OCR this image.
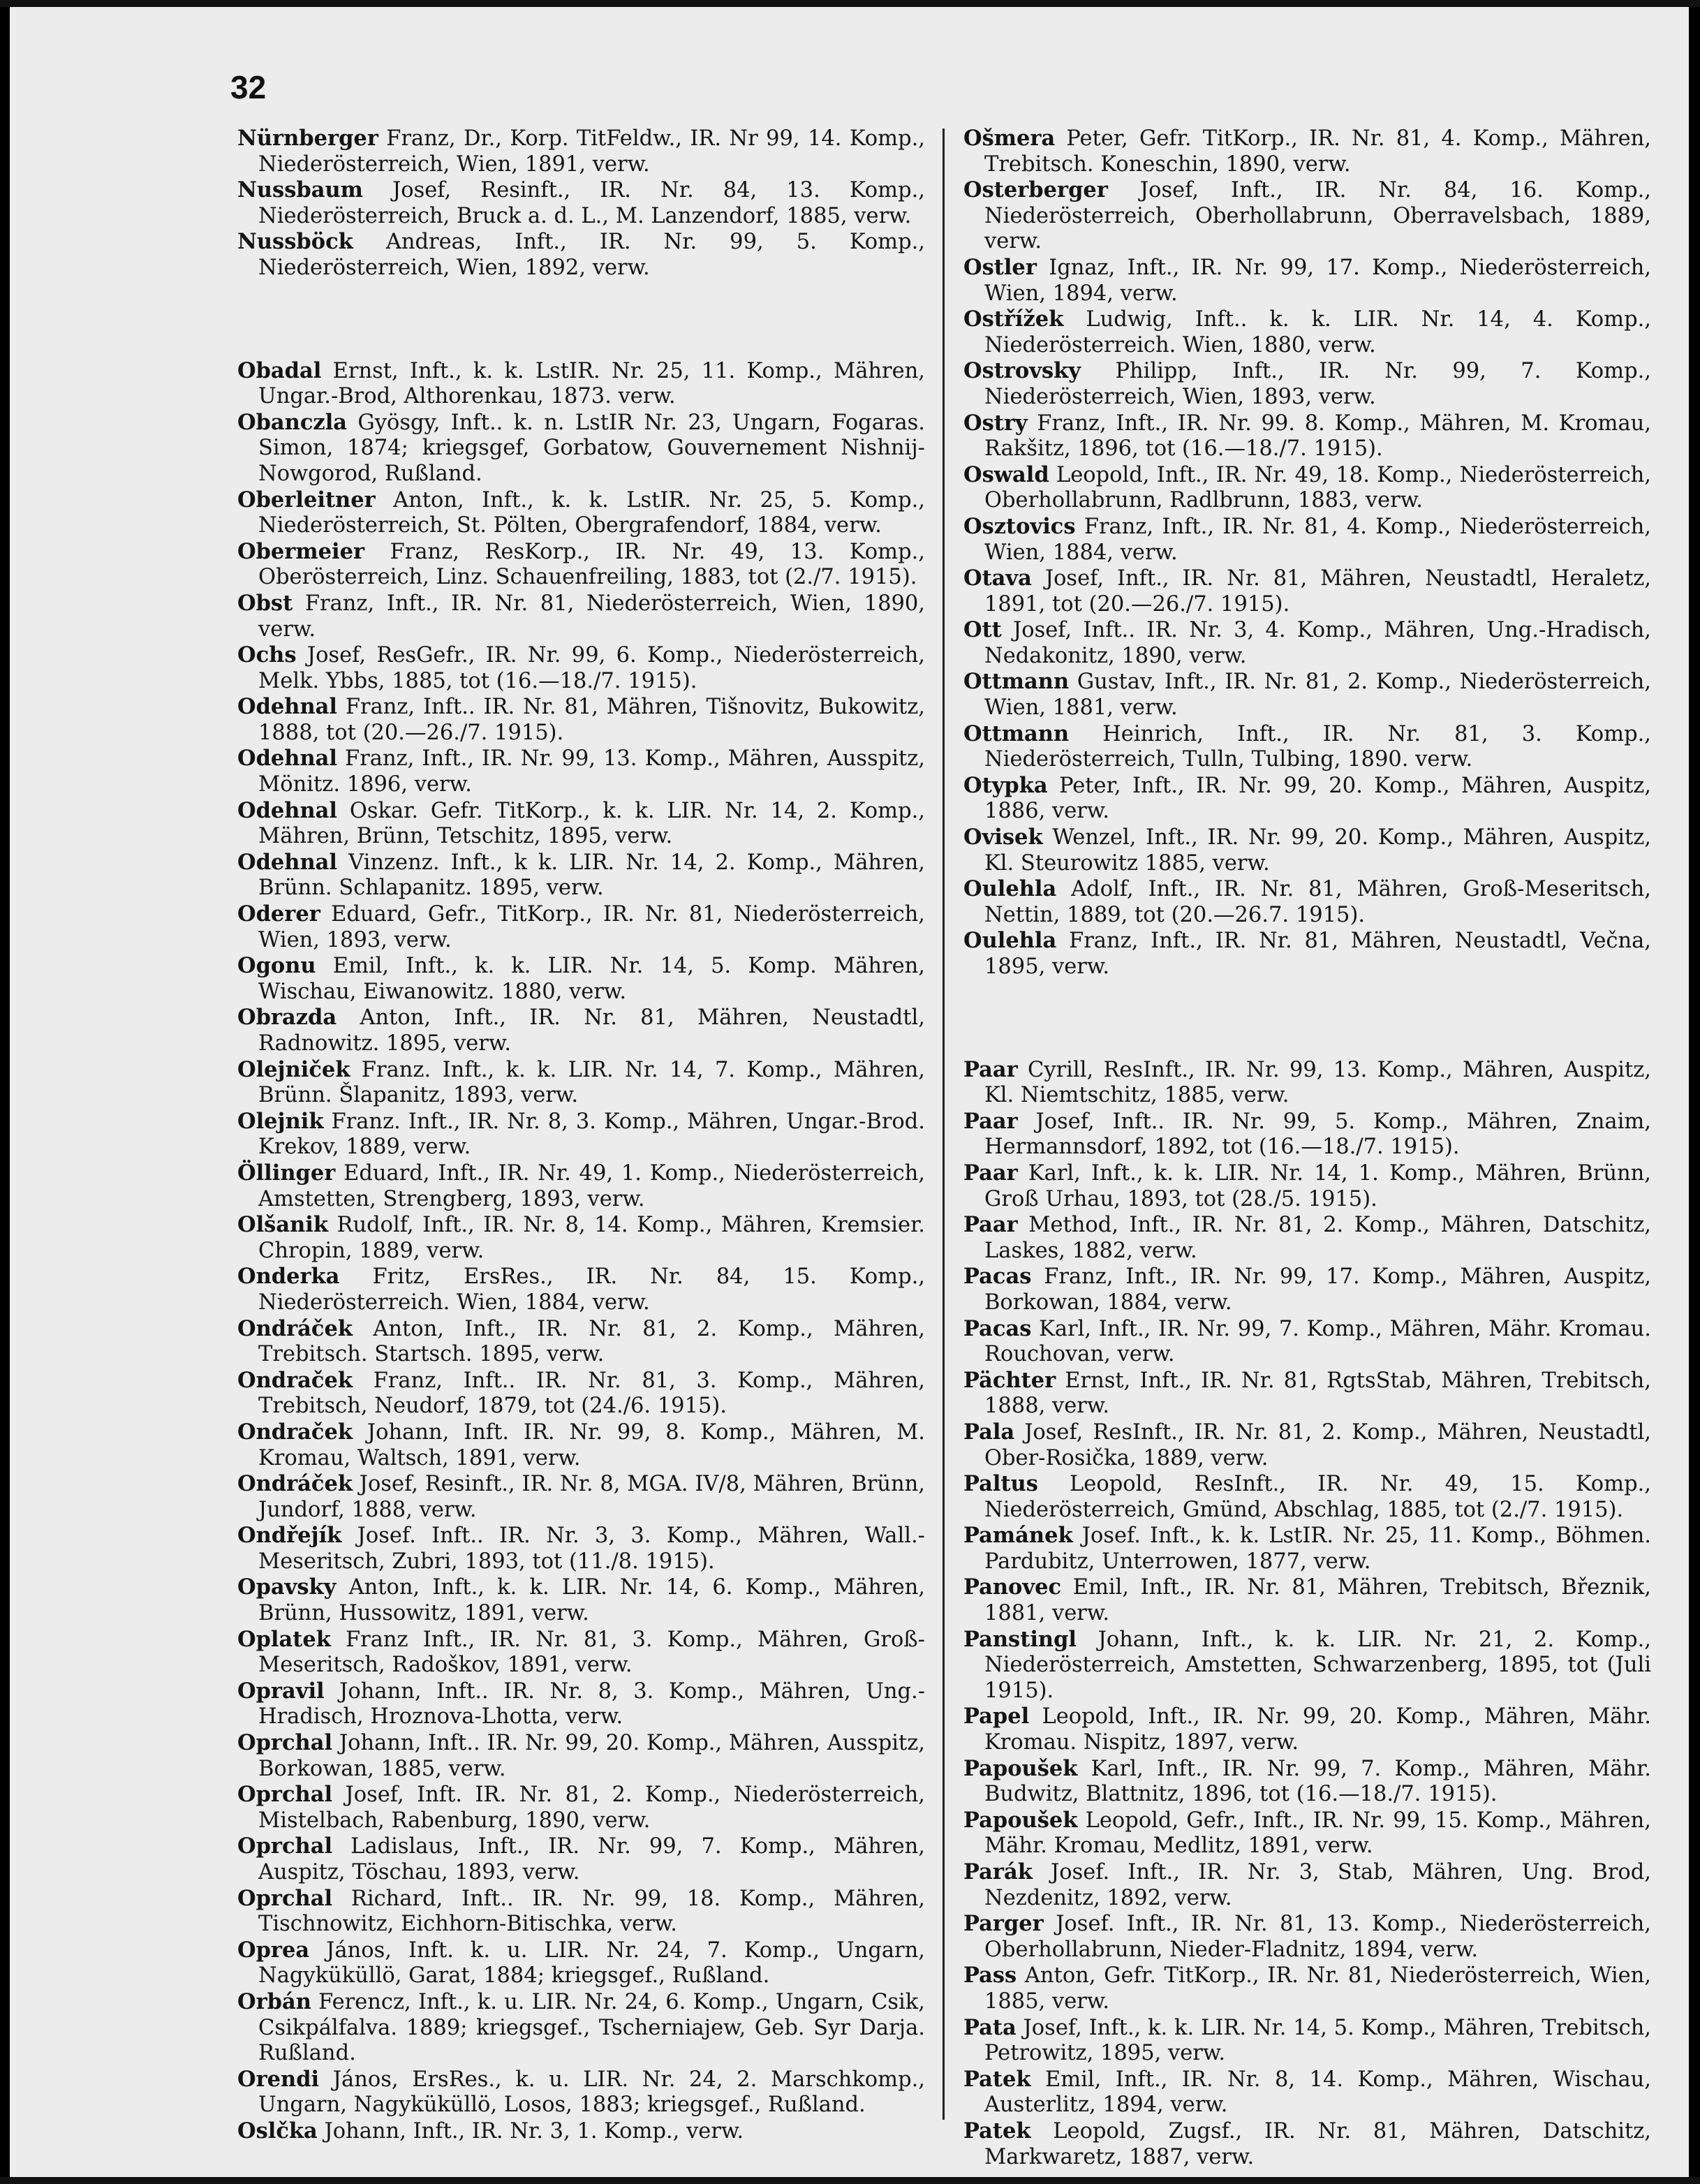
32

Nürnberger Franz, Dr., Korp. TitFeldw., IR. Nr 99, 14. Komp., Niederösterreich, Wien, 1891, verw.

Nussbaum Josef, Resinft., IR. Nr. 84, 13. Komp., Niederösterreich, Bruck a. d. L., M. Lanzendorf, 1885, verw.

Nussböck Andreas, Inft., IR. Nr. 99, 5. Komp., Niederösterreich, Wien, 1892, verw.

Obadal Ernst, Inft., k. k. LstIR. Nr. 25, 11. Komp., Mähren, Ungar.-Brod, Althorenkau, 1873. verw.

Obanczla Gyösgy, Inft.. k. n. LstIR Nr. 23, Ungarn, Fogaras. Simon, 1874; kriegsgef, Gorbatow, Gouvernement Nishnij-Nowgorod, Rußland.

Oberleitner Anton, Inft., k. k. LstIR. Nr. 25, 5. Komp., Niederösterreich, St. Pölten, Obergrafendorf, 1884, verw.

Obermeier Franz, ResKorp., IR. Nr. 49, 13. Komp., Oberösterreich, Linz. Schauenfreiling, 1883, tot (2./7. 1915).

Obst Franz, Inft., IR. Nr. 81, Niederösterreich, Wien, 1890, verw.

Ochs Josef, ResGefr., IR. Nr. 99, 6. Komp., Niederösterreich, Melk. Ybbs, 1885, tot (16.—18./7. 1915).

Odehnal Franz, Inft.. IR. Nr. 81, Mähren, Tišnovitz, Bukowitz, 1888, tot (20.—26./7. 1915).

Odehnal Franz, Inft., IR. Nr. 99, 13. Komp., Mähren, Ausspitz, Mönitz. 1896, verw.

Odehnal Oskar. Gefr. TitKorp., k. k. LIR. Nr. 14, 2. Komp., Mähren, Brünn, Tetschitz, 1895, verw.

Odehnal Vinzenz. Inft., k k. LIR. Nr. 14, 2. Komp., Mähren, Brünn. Schlapanitz. 1895, verw.

Oderer Eduard, Gefr., TitKorp., IR. Nr. 81, Niederösterreich, Wien, 1893, verw.

Ogonu Emil, Inft., k. k. LIR. Nr. 14, 5. Komp. Mähren, Wischau, Eiwanowitz. 1880, verw.

Obrazda Anton, Inft., IR. Nr. 81, Mähren, Neustadtl, Radnowitz. 1895, verw.

Olejniček Franz. Inft., k. k. LIR. Nr. 14, 7. Komp., Mähren, Brünn. Šlapanitz, 1893, verw.

Olejnik Franz. Inft., IR. Nr. 8, 3. Komp., Mähren, Ungar.-Brod. Krekov, 1889, verw.

Öllinger Eduard, Inft., IR. Nr. 49, 1. Komp., Niederösterreich, Amstetten, Strengberg, 1893, verw.

Olšanik Rudolf, Inft., IR. Nr. 8, 14. Komp., Mähren, Kremsier. Chropin, 1889, verw.

Onderka Fritz, ErsRes., IR. Nr. 84, 15. Komp., Niederösterreich. Wien, 1884, verw.

Ondráček Anton, Inft., IR. Nr. 81, 2. Komp., Mähren, Trebitsch. Startsch. 1895, verw.

Ondraček Franz, Inft.. IR. Nr. 81, 3. Komp., Mähren, Trebitsch, Neudorf, 1879, tot (24./6. 1915).

Ondraček Johann, Inft. IR. Nr. 99, 8. Komp., Mähren, M. Kromau, Waltsch, 1891, verw.

Ondráček Josef, Resinft., IR. Nr. 8, MGA. IV/8, Mähren, Brünn, Jundorf, 1888, verw.

Ondřejík Josef. Inft.. IR. Nr. 3, 3. Komp., Mähren, Wall.-Meseritsch, Zubri, 1893, tot (11./8. 1915).

Opavsky Anton, Inft., k. k. LIR. Nr. 14, 6. Komp., Mähren, Brünn, Hussowitz, 1891, verw.

Oplatek Franz Inft., IR. Nr. 81, 3. Komp., Mähren, Groß-Meseritsch, Radoškov, 1891, verw.

Opravil Johann, Inft.. IR. Nr. 8, 3. Komp., Mähren, Ung.-Hradisch, Hroznova-Lhotta, verw.

Oprchal Johann, Inft.. IR. Nr. 99, 20. Komp., Mähren, Ausspitz, Borkowan, 1885, verw.

Oprchal Josef, Inft. IR. Nr. 81, 2. Komp., Niederösterreich, Mistelbach, Rabenburg, 1890, verw.

Oprchal Ladislaus, Inft., IR. Nr. 99, 7. Komp., Mähren, Auspitz, Töschau, 1893, verw.

Oprchal Richard, Inft.. IR. Nr. 99, 18. Komp., Mähren, Tischnowitz, Eichhorn-Bitischka, verw.

Oprea János, Inft. k. u. LIR. Nr. 24, 7. Komp., Ungarn, Nagyküküllö, Garat, 1884; kriegsgef., Rußland.

Orbán Ferencz, Inft., k. u. LIR. Nr. 24, 6. Komp., Ungarn, Csik, Csikpálfalva. 1889; kriegsgef., Tscherniajew, Geb. Syr Darja. Rußland.

Orendi János, ErsRes., k. u. LIR. Nr. 24, 2. Marschkomp., Ungarn, Nagyküküllö, Losos, 1883; kriegsgef., Rußland.

Oslčka Johann, Inft., IR. Nr. 3, 1. Komp., verw.

Ošmera Peter, Gefr. TitKorp., IR. Nr. 81, 4. Komp., Mähren, Trebitsch. Koneschin, 1890, verw.

Osterberger Josef, Inft., IR. Nr. 84, 16. Komp., Niederösterreich, Oberhollabrunn, Oberravelsbach, 1889, verw.

Ostler Ignaz, Inft., IR. Nr. 99, 17. Komp., Niederösterreich, Wien, 1894, verw.

Ostřížek Ludwig, Inft.. k. k. LIR. Nr. 14, 4. Komp., Niederösterreich. Wien, 1880, verw.

Ostrovsky Philipp, Inft., IR. Nr. 99, 7. Komp., Niederösterreich, Wien, 1893, verw.

Ostry Franz, Inft., IR. Nr. 99. 8. Komp., Mähren, M. Kromau, Rakšitz, 1896, tot (16.—18./7. 1915).

Oswald Leopold, Inft., IR. Nr. 49, 18. Komp., Niederösterreich, Oberhollabrunn, Radlbrunn, 1883, verw.

Osztovics Franz, Inft., IR. Nr. 81, 4. Komp., Niederösterreich, Wien, 1884, verw.

Otava Josef, Inft., IR. Nr. 81, Mähren, Neustadtl, Heraletz, 1891, tot (20.—26./7. 1915).

Ott Josef, Inft.. IR. Nr. 3, 4. Komp., Mähren, Ung.-Hradisch, Nedakonitz, 1890, verw.

Ottmann Gustav, Inft., IR. Nr. 81, 2. Komp., Niederösterreich, Wien, 1881, verw.

Ottmann Heinrich, Inft., IR. Nr. 81, 3. Komp., Niederösterreich, Tulln, Tulbing, 1890. verw.

Otypka Peter, Inft., IR. Nr. 99, 20. Komp., Mähren, Auspitz, 1886, verw.

Ovisek Wenzel, Inft., IR. Nr. 99, 20. Komp., Mähren, Auspitz, Kl. Steurowitz 1885, verw.

Oulehla Adolf, Inft., IR. Nr. 81, Mähren, Groß-Meseritsch, Nettin, 1889, tot (20.—26.7. 1915).

Oulehla Franz, Inft., IR. Nr. 81, Mähren, Neustadtl, Večna, 1895, verw.

Paar Cyrill, ResInft., IR. Nr. 99, 13. Komp., Mähren, Auspitz, Kl. Niemtschitz, 1885, verw.

Paar Josef, Inft.. IR. Nr. 99, 5. Komp., Mähren, Znaim, Hermannsdorf, 1892, tot (16.—18./7. 1915).

Paar Karl, Inft., k. k. LIR. Nr. 14, 1. Komp., Mähren, Brünn, Groß Urhau, 1893, tot (28./5. 1915).

Paar Method, Inft., IR. Nr. 81, 2. Komp., Mähren, Datschitz, Laskes, 1882, verw.

Pacas Franz, Inft., IR. Nr. 99, 17. Komp., Mähren, Auspitz, Borkowan, 1884, verw.

Pacas Karl, Inft., IR. Nr. 99, 7. Komp., Mähren, Mähr. Kromau. Rouchovan, verw.

Pächter Ernst, Inft., IR. Nr. 81, RgtsStab, Mähren, Trebitsch, 1888, verw.

Pala Josef, ResInft., IR. Nr. 81, 2. Komp., Mähren, Neustadtl, Ober-Rosička, 1889, verw.

Paltus Leopold, ResInft., IR. Nr. 49, 15. Komp., Niederösterreich, Gmünd, Abschlag, 1885, tot (2./7. 1915).

Pamánek Josef. Inft., k. k. LstIR. Nr. 25, 11. Komp., Böhmen. Pardubitz, Unterrowen, 1877, verw.

Panovec Emil, Inft., IR. Nr. 81, Mähren, Trebitsch, Březnik, 1881, verw.

Panstingl Johann, Inft., k. k. LIR. Nr. 21, 2. Komp., Niederösterreich, Amstetten, Schwarzenberg, 1895, tot (Juli 1915).

Papel Leopold, Inft., IR. Nr. 99, 20. Komp., Mähren, Mähr. Kromau. Nispitz, 1897, verw.

Papoušek Karl, Inft., IR. Nr. 99, 7. Komp., Mähren, Mähr. Budwitz, Blattnitz, 1896, tot (16.—18./7. 1915).

Papoušek Leopold, Gefr., Inft., IR. Nr. 99, 15. Komp., Mähren, Mähr. Kromau, Medlitz, 1891, verw.

Parák Josef. Inft., IR. Nr. 3, Stab, Mähren, Ung. Brod, Nezdenitz, 1892, verw.

Parger Josef. Inft., IR. Nr. 81, 13. Komp., Niederösterreich, Oberhollabrunn, Nieder-Fladnitz, 1894, verw.

Pass Anton, Gefr. TitKorp., IR. Nr. 81, Niederösterreich, Wien, 1885, verw.

Pata Josef, Inft., k. k. LIR. Nr. 14, 5. Komp., Mähren, Trebitsch, Petrowitz, 1895, verw.

Patek Emil, Inft., IR. Nr. 8, 14. Komp., Mähren, Wischau, Austerlitz, 1894, verw.

Patek Leopold, Zugsf., IR. Nr. 81, Mähren, Datschitz, Markwaretz, 1887, verw.
